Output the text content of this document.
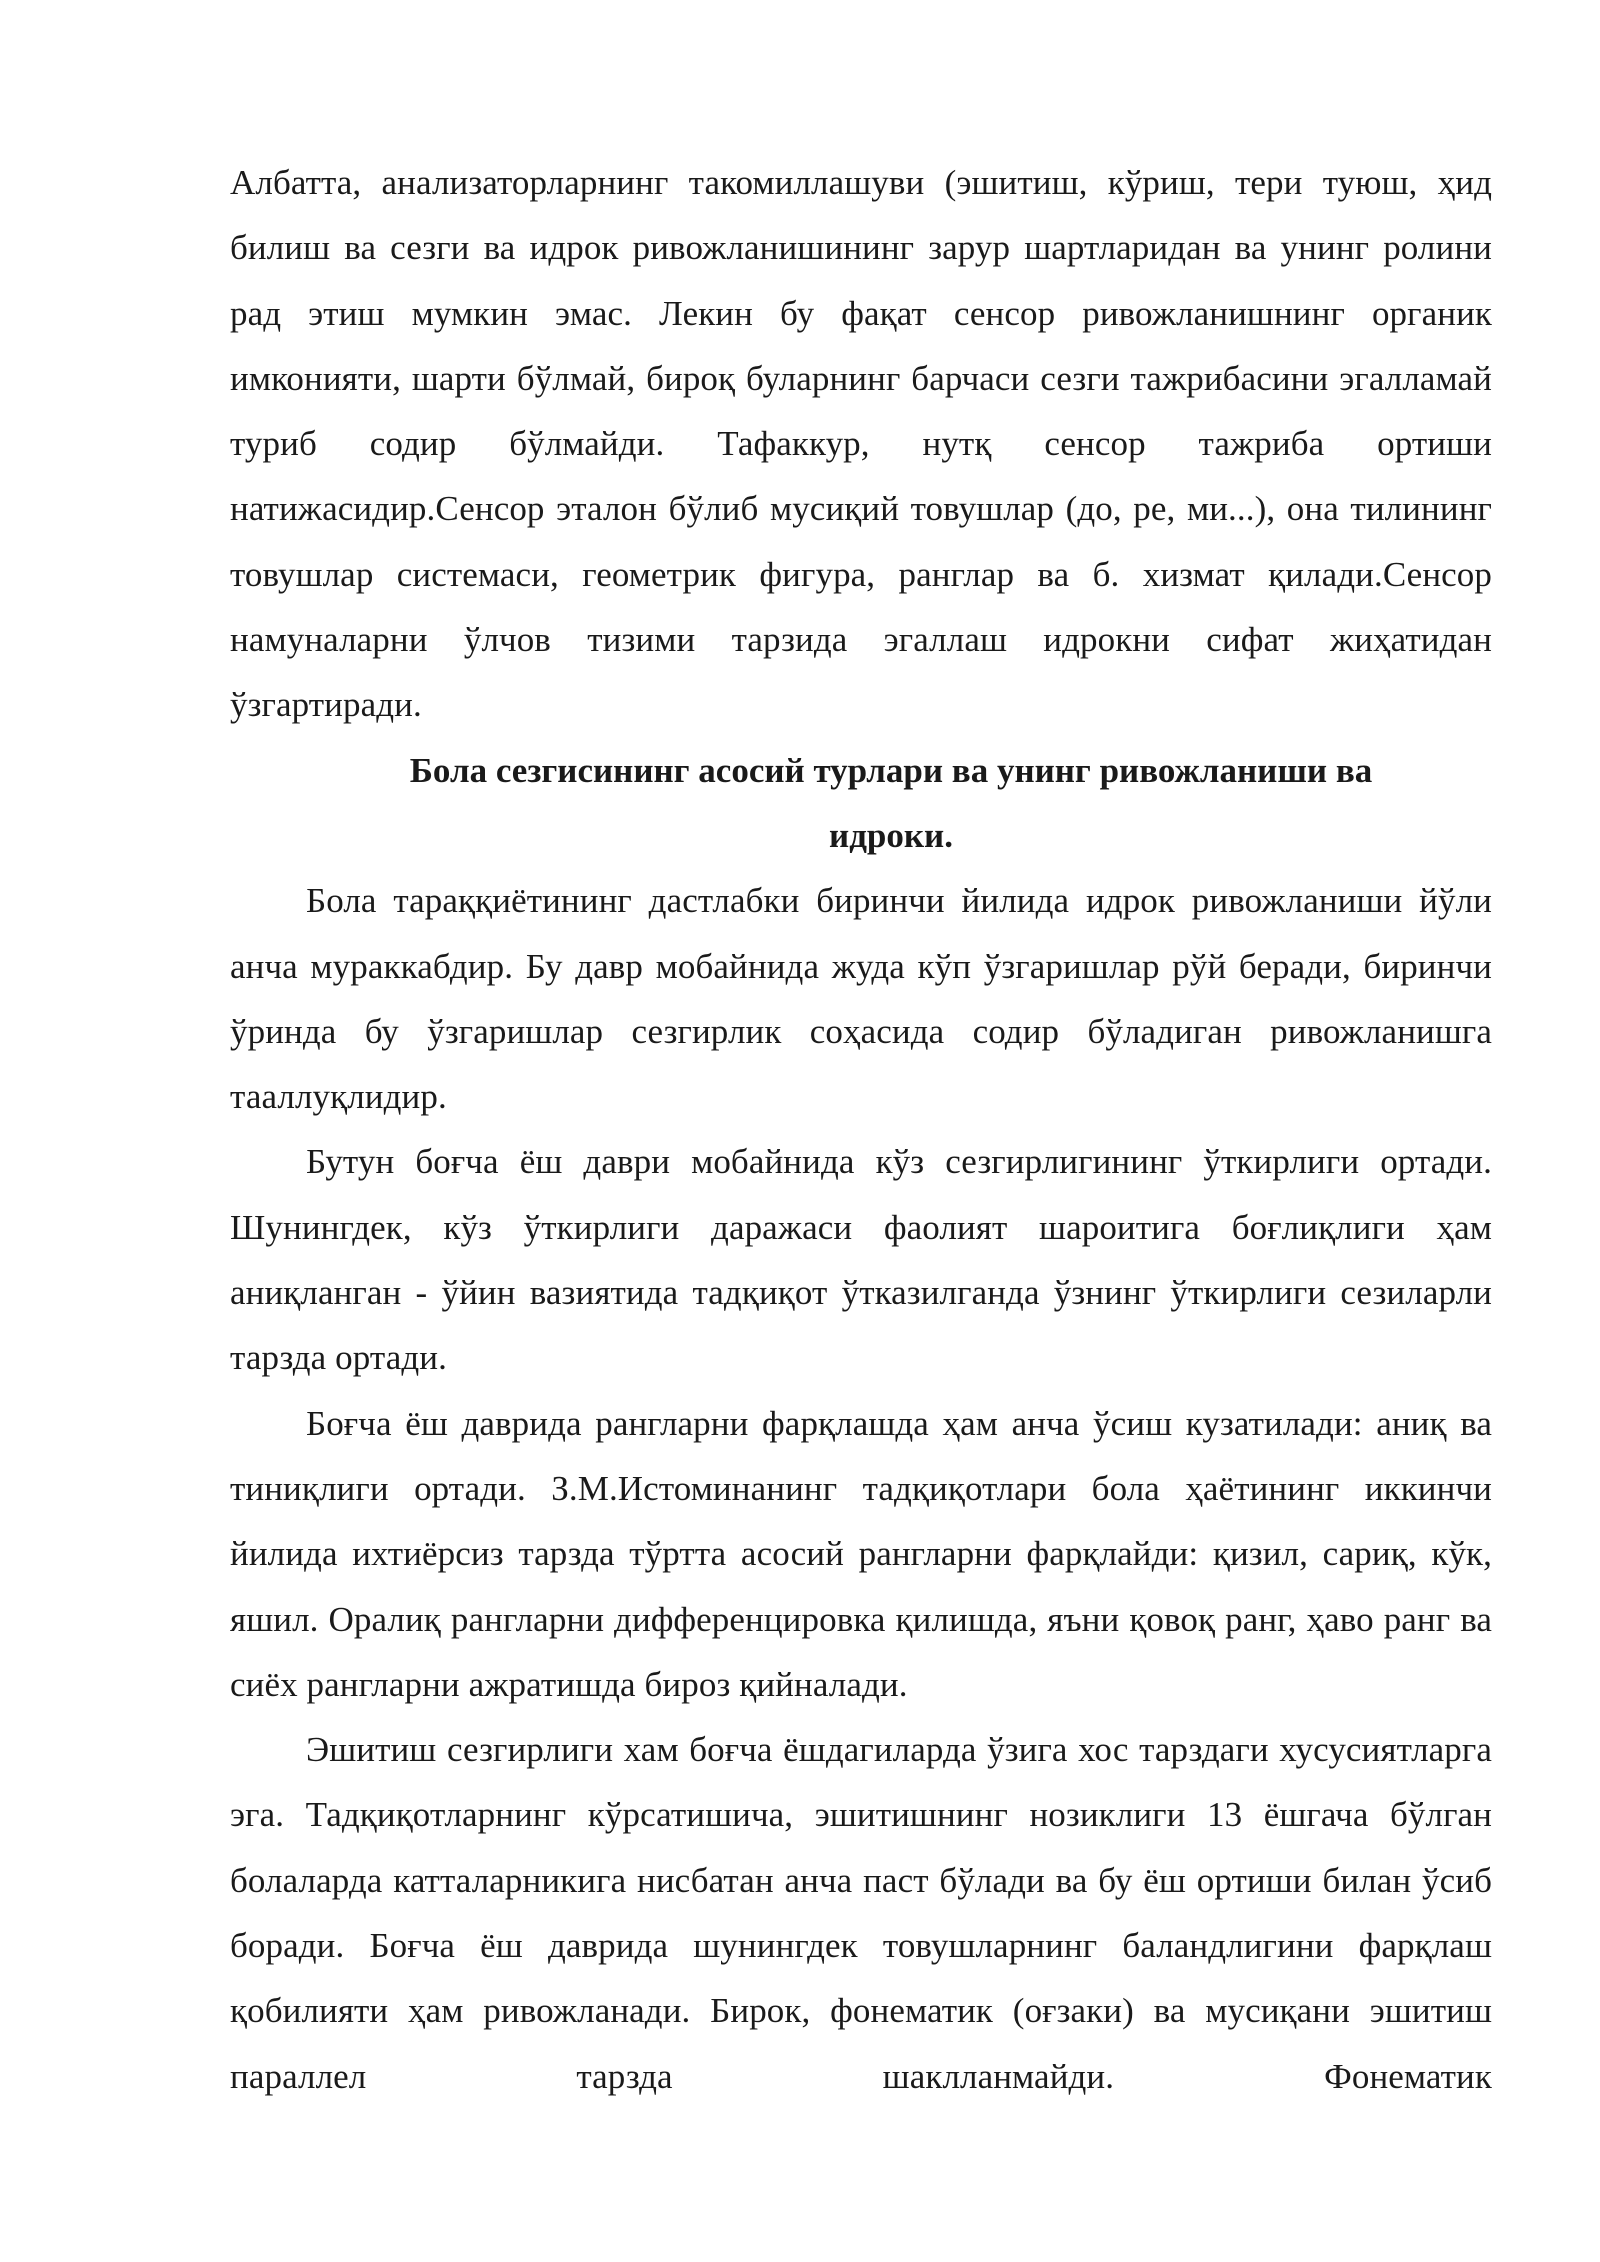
Албатта, анализаторларнинг такомиллашуви (эшитиш, кўриш, тери туюш, ҳид билиш ва сезги ва идрок ривожланишининг зарур шартларидан ва унинг ролини рад этиш мумкин эмас. Лекин бу фақат сенсор ривожланишнинг органик имконияти, шарти бўлмай, бироқ буларнинг барчаси сезги тажрибасини эгалламай туриб содир бўлмайди. Тафаккур, нутқ сенсор тажриба ортиши натижасидир.Сенсор эталон бўлиб мусиқий товушлар (до, ре, ми...), она тилининг товушлар системаси, геометрик фигура, ранглар ва б. хизмат қилади.Сенсор намуналарни ўлчов тизими тарзида эгаллаш идрокни сифат жиҳатидан ўзгартиради.

Бола сезгисининг асосий турлари ва унинг ривожланиши ва
идроки.

Бола тараққиётининг дастлабки биринчи йилида идрок ривожланиши йўли анча мураккабдир. Бу давр мобайнида жуда кўп ўзгаришлар рўй беради, биринчи ўринда бу ўзгаришлар сезгирлик соҳасида содир бўладиган ривожланишга тааллуқлидир.

Бутун боғча ёш даври мобайнида кўз сезгирлигининг ўткирлиги ортади. Шунингдек, кўз ўткирлиги даражаси фаолият шароитига боғлиқлиги ҳам аниқланган - ўйин вазиятида тадқиқот ўтказилганда ўзнинг ўткирлиги сезиларли тарзда ортади.

Боғча ёш даврида рангларни фарқлашда ҳам анча ўсиш кузатилади: аниқ ва тиниқлиги ортади. З.М.Истоминанинг тадқиқотлари бола ҳаётининг иккинчи йилида ихтиёрсиз тарзда тўртта асосий рангларни фарқлайди: қизил, сариқ, кўк, яшил. Оралиқ рангларни дифференцировка қилишда, яъни қовоқ ранг, ҳаво ранг ва сиёх рангларни ажратишда бироз қийналади.

Эшитиш сезгирлиги хам боғча ёшдагиларда ўзига хос тарздаги хусусиятларга эга. Тадқиқотларнинг кўрсатишича, эшитишнинг нозиклиги 13 ёшгача бўлган болаларда катталарникига нисбатан анча паст бўлади ва бу ёш ортиши билан ўсиб боради. Боғча ёш даврида шунингдек товушларнинг баландлигини фарқлаш қобилияти ҳам ривожланади. Бирок, фонематик (оғзаки) ва мусиқани эшитиш параллел тарзда шаклланмайди. Фонематик
